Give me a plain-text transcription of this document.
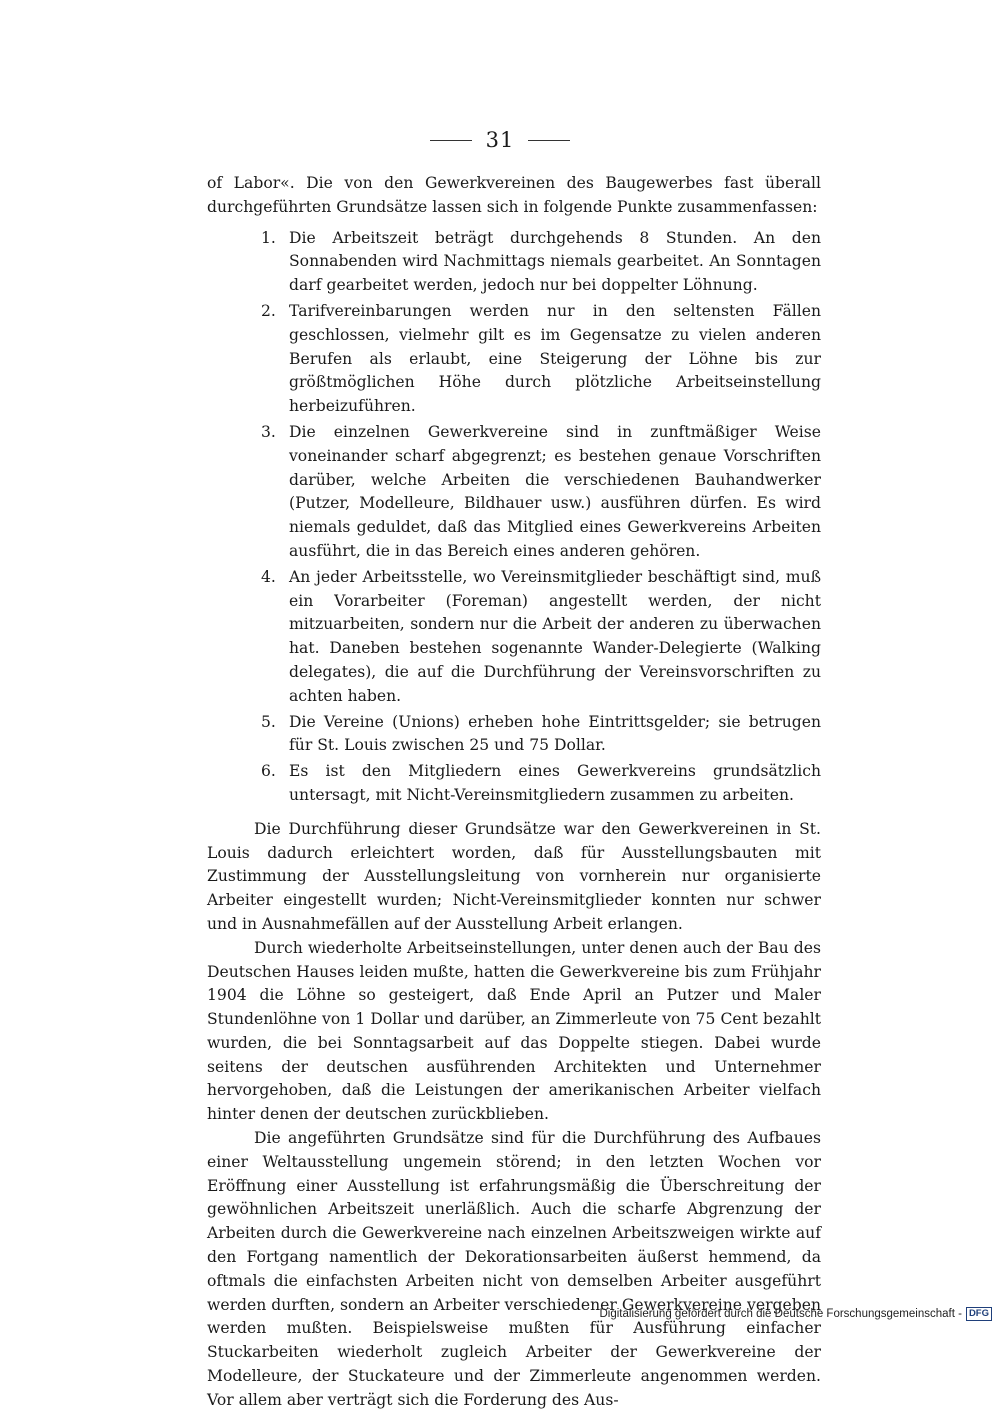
31

of Labor«. Die von den Gewerkvereinen des Baugewerbes fast überall durchgeführten Grundsätze lassen sich in folgende Punkte zusammenfassen:

1. Die Arbeitszeit beträgt durchgehends 8 Stunden. An den Sonnabenden wird Nachmittags niemals gearbeitet. An Sonntagen darf gearbeitet werden, jedoch nur bei doppelter Löhnung.
2. Tarifvereinbarungen werden nur in den seltensten Fällen geschlossen, vielmehr gilt es im Gegensatze zu vielen anderen Berufen als erlaubt, eine Steigerung der Löhne bis zur größtmöglichen Höhe durch plötzliche Arbeitseinstellung herbeizuführen.
3. Die einzelnen Gewerkvereine sind in zunftmäßiger Weise voneinander scharf abgegrenzt; es bestehen genaue Vorschriften darüber, welche Arbeiten die verschiedenen Bauhandwerker (Putzer, Modelleure, Bildhauer usw.) ausführen dürfen. Es wird niemals geduldet, daß das Mitglied eines Gewerkvereins Arbeiten ausführt, die in das Bereich eines anderen gehören.
4. An jeder Arbeitsstelle, wo Vereinsmitglieder beschäftigt sind, muß ein Vorarbeiter (Foreman) angestellt werden, der nicht mitzuarbeiten, sondern nur die Arbeit der anderen zu überwachen hat. Daneben bestehen sogenannte Wander-Delegierte (Walking delegates), die auf die Durchführung der Vereinsvorschriften zu achten haben.
5. Die Vereine (Unions) erheben hohe Eintrittsgelder; sie betrugen für St. Louis zwischen 25 und 75 Dollar.
6. Es ist den Mitgliedern eines Gewerkvereins grundsätzlich untersagt, mit Nicht-Vereinsmitgliedern zusammen zu arbeiten.

Die Durchführung dieser Grundsätze war den Gewerkvereinen in St. Louis dadurch erleichtert worden, daß für Ausstellungsbauten mit Zustimmung der Ausstellungsleitung von vornherein nur organisierte Arbeiter eingestellt wurden; Nicht-Vereinsmitglieder konnten nur schwer und in Ausnahmefällen auf der Ausstellung Arbeit erlangen.

Durch wiederholte Arbeitseinstellungen, unter denen auch der Bau des Deutschen Hauses leiden mußte, hatten die Gewerkvereine bis zum Frühjahr 1904 die Löhne so gesteigert, daß Ende April an Putzer und Maler Stundenlöhne von 1 Dollar und darüber, an Zimmerleute von 75 Cent bezahlt wurden, die bei Sonntagsarbeit auf das Doppelte stiegen. Dabei wurde seitens der deutschen ausführenden Architekten und Unternehmer hervorgehoben, daß die Leistungen der amerikanischen Arbeiter vielfach hinter denen der deutschen zurückblieben.

Die angeführten Grundsätze sind für die Durchführung des Aufbaues einer Weltausstellung ungemein störend; in den letzten Wochen vor Eröffnung einer Ausstellung ist erfahrungsmäßig die Überschreitung der gewöhnlichen Arbeitszeit unerläßlich. Auch die scharfe Abgrenzung der Arbeiten durch die Gewerkvereine nach einzelnen Arbeitszweigen wirkte auf den Fortgang namentlich der Dekorationsarbeiten äußerst hemmend, da oftmals die einfachsten Arbeiten nicht von demselben Arbeiter ausgeführt werden durften, sondern an Arbeiter verschiedener Gewerkvereine vergeben werden mußten. Beispielsweise mußten für Ausführung einfacher Stuckarbeiten wiederholt zugleich Arbeiter der Gewerkvereine der Modelleure, der Stuckateure und der Zimmerleute angenommen werden. Vor allem aber verträgt sich die Forderung des Aus-

Digitalisierung gefördert durch die Deutsche Forschungsgemeinschaft - DFG
